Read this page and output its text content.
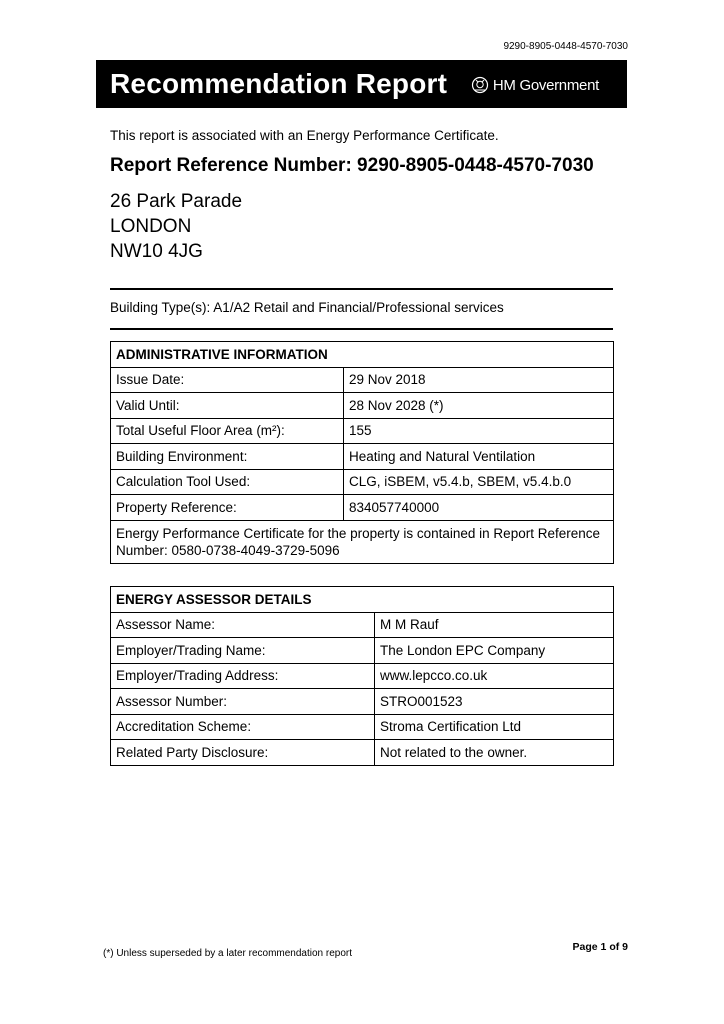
9290-8905-0448-4570-7030
Recommendation Report	HM Government
This report is associated with an Energy Performance Certificate.
Report Reference Number: 9290-8905-0448-4570-7030
26 Park Parade
LONDON
NW10 4JG
Building Type(s): A1/A2 Retail and Financial/Professional services
ADMINISTRATIVE INFORMATION	
Issue Date:	29 Nov 2018
Valid Until:	28 Nov 2028 (*)
Total Useful Floor Area (m²):	155
Building Environment:	Heating and Natural Ventilation
Calculation Tool Used:	CLG, iSBEM, v5.4.b, SBEM, v5.4.b.0
Property Reference:	834057740000
Energy Performance Certificate for the property is contained in Report Reference Number: 0580-0738-4049-3729-5096	
ENERGY ASSESSOR DETAILS	
Assessor Name:	M M Rauf
Employer/Trading Name:	The London EPC Company
Employer/Trading Address:	www.lepcco.co.uk
Assessor Number:	STRO001523
Accreditation Scheme:	Stroma Certification Ltd
Related Party Disclosure:	Not related to the owner.
(*) Unless superseded by a later recommendation report
Page 1 of 9
